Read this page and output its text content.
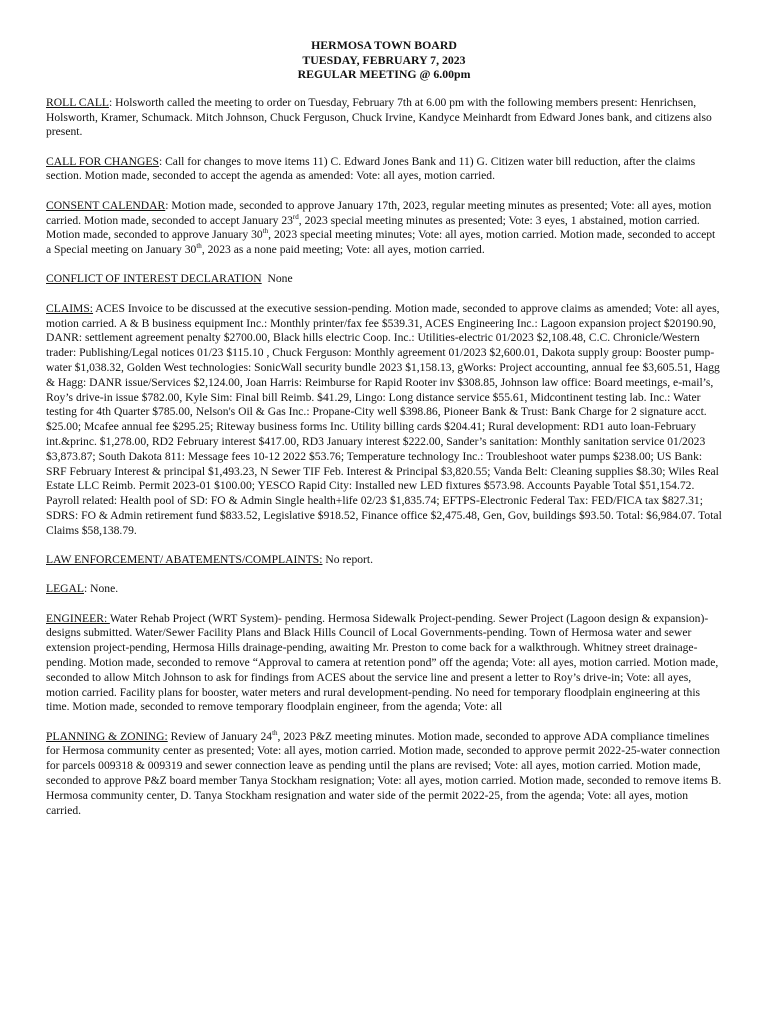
HERMOSA TOWN BOARD
TUESDAY, FEBRUARY 7, 2023
REGULAR MEETING @ 6.00pm

ROLL CALL: Holsworth called the meeting to order on Tuesday, February 7th at 6.00 pm with the following members present: Henrichsen, Holsworth, Kramer, Schumack. Mitch Johnson, Chuck Ferguson, Chuck Irvine, Kandyce Meinhardt from Edward Jones bank, and citizens also present.

CALL FOR CHANGES: Call for changes to move items 11) C. Edward Jones Bank and 11) G. Citizen water bill reduction, after the claims section. Motion made, seconded to accept the agenda as amended: Vote: all ayes, motion carried.

CONSENT CALENDAR: Motion made, seconded to approve January 17th, 2023, regular meeting minutes as presented; Vote: all ayes, motion carried. Motion made, seconded to accept January 23rd, 2023 special meeting minutes as presented; Vote: 3 eyes, 1 abstained, motion carried. Motion made, seconded to approve January 30th, 2023 special meeting minutes; Vote: all ayes, motion carried. Motion made, seconded to accept a Special meeting on January 30th, 2023 as a none paid meeting; Vote: all ayes, motion carried.

CONFLICT OF INTEREST DECLARATION  None

CLAIMS: ACES Invoice to be discussed at the executive session-pending. Motion made, seconded to approve claims as amended; Vote: all ayes, motion carried. A & B business equipment Inc.: Monthly printer/fax fee $539.31, ACES Engineering Inc.: Lagoon expansion project $20190.90, DANR: settlement agreement penalty $2700.00, Black hills electric Coop. Inc.: Utilities-electric 01/2023 $2,108.48, C.C. Chronicle/Western trader: Publishing/Legal notices 01/23 $115.10 , Chuck Ferguson: Monthly agreement 01/2023 $2,600.01, Dakota supply group: Booster pump-water $1,038.32, Golden West technologies: SonicWall security bundle 2023 $1,158.13, gWorks: Project accounting, annual fee $3,605.51, Hagg & Hagg: DANR issue/Services $2,124.00, Joan Harris: Reimburse for Rapid Rooter inv $308.85, Johnson law office: Board meetings, e-mail’s, Roy’s drive-in issue $782.00, Kyle Sim: Final bill Reimb. $41.29, Lingo: Long distance service $55.61, Midcontinent testing lab. Inc.: Water testing for 4th Quarter $785.00, Nelson's Oil & Gas Inc.: Propane-City well $398.86, Pioneer Bank & Trust: Bank Charge for 2 signature acct. $25.00; Mcafee annual fee $295.25; Riteway business forms Inc. Utility billing cards $204.41; Rural development: RD1 auto loan-February int.&princ. $1,278.00, RD2 February interest $417.00, RD3 January interest $222.00, Sander’s sanitation: Monthly sanitation service 01/2023 $3,873.87; South Dakota 811: Message fees 10-12 2022 $53.76; Temperature technology Inc.: Troubleshoot water pumps $238.00; US Bank: SRF February Interest & principal $1,493.23, N Sewer TIF Feb. Interest & Principal $3,820.55; Vanda Belt: Cleaning supplies $8.30; Wiles Real Estate LLC Reimb. Permit 2023-01 $100.00; YESCO Rapid City: Installed new LED fixtures $573.98. Accounts Payable Total $51,154.72. Payroll related: Health pool of SD: FO & Admin Single health+life 02/23 $1,835.74; EFTPS-Electronic Federal Tax: FED/FICA tax $827.31; SDRS: FO & Admin retirement fund $833.52, Legislative $918.52, Finance office $2,475.48, Gen, Gov, buildings $93.50. Total: $6,984.07. Total Claims $58,138.79.

LAW ENFORCEMENT/ ABATEMENTS/COMPLAINTS: No report.

LEGAL: None.

ENGINEER: Water Rehab Project (WRT System)- pending. Hermosa Sidewalk Project-pending. Sewer Project (Lagoon design & expansion)-designs submitted. Water/Sewer Facility Plans and Black Hills Council of Local Governments-pending. Town of Hermosa water and sewer extension project-pending, Hermosa Hills drainage-pending, awaiting Mr. Preston to come back for a walkthrough. Whitney street drainage-pending. Motion made, seconded to remove “Approval to camera at retention pond” off the agenda; Vote: all ayes, motion carried. Motion made, seconded to allow Mitch Johnson to ask for findings from ACES about the service line and present a letter to Roy’s drive-in; Vote: all ayes, motion carried. Facility plans for booster, water meters and rural development-pending. No need for temporary floodplain engineering at this time. Motion made, seconded to remove temporary floodplain engineer, from the agenda; Vote: all

PLANNING & ZONING: Review of January 24th, 2023 P&Z meeting minutes. Motion made, seconded to approve ADA compliance timelines for Hermosa community center as presented; Vote: all ayes, motion carried. Motion made, seconded to approve permit 2022-25-water connection for parcels 009318 & 009319 and sewer connection leave as pending until the plans are revised; Vote: all ayes, motion carried. Motion made, seconded to approve P&Z board member Tanya Stockham resignation; Vote: all ayes, motion carried. Motion made, seconded to remove items B. Hermosa community center, D. Tanya Stockham resignation and water side of the permit 2022-25, from the agenda; Vote: all ayes, motion carried.
